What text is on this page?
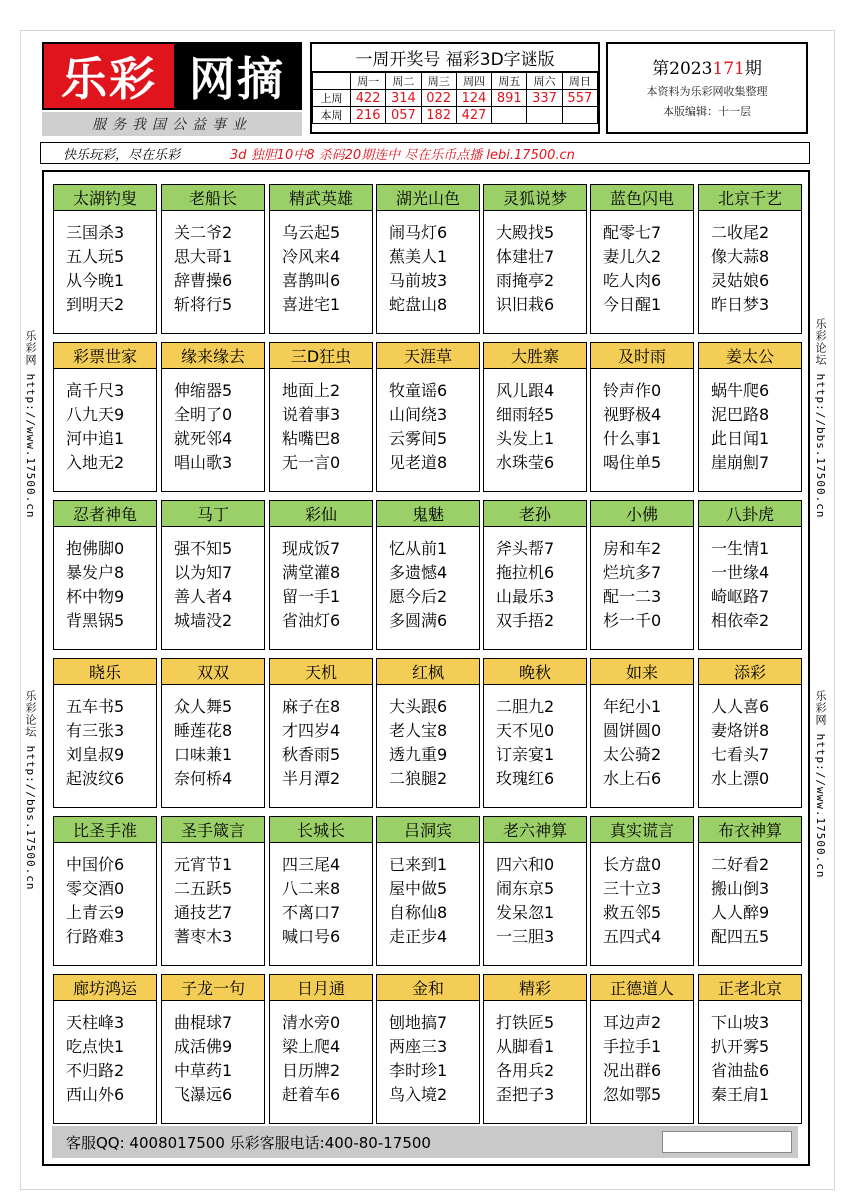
乐彩 网摘
服务我国公益事业
一周开奖号 福彩3D字谜版
	周一	周二	周三	周四	周五	周六	周日
上周	422	314	022	124	891	337	557
本周	216	057	182	427			
第2023171期
本资料为乐彩网收集整理
本版编辑：十一层
快乐玩彩，尽在乐彩	3d 独胆10中8 杀码20期连中 尽在乐币点播 lebi.17500.cn
乐彩网 http://www.17500.cn
乐彩论坛 http://bbs.17500.cn
乐彩论坛 http://bbs.17500.cn
乐彩网 http://www.17500.cn
太湖钓叟
三国杀3
五人玩5
从今晚1
到明天2
老船长
关二爷2
思大哥1
辞曹操6
斩将行5
精武英雄
乌云起5
冷风来4
喜鹊叫6
喜进宅1
湖光山色
闹马灯6
蕉美人1
马前坡3
蛇盘山8
灵狐说梦
大殿找5
体建壮7
雨掩亭2
识旧栽6
蓝色闪电
配零七7
妻儿久2
吃人肉6
今日醒1
北京千艺
二收尾2
像大蒜8
灵姑娘6
昨日梦3
彩票世家
高千尺3
八九天9
河中追1
入地无2
缘来缘去
伸缩器5
全明了0
就死邻4
唱山歌3
三D狂虫
地面上2
说着事3
粘嘴巴8
无一言0
天涯草
牧童谣6
山间绕3
云雾间5
见老道8
大胜寨
风儿跟4
细雨轻5
头发上1
水珠莹6
及时雨
铃声作0
视野极4
什么事1
喝住单5
姜太公
蜗牛爬6
泥巴路8
此日闻1
崖崩劁7
忍者神龟
抱佛脚0
暴发户8
杯中物9
背黑锅5
马丁
强不知5
以为知7
善人者4
城墙没2
彩仙
现成饭7
满堂灌8
留一手1
省油灯6
鬼魅
忆从前1
多遗憾4
愿今后2
多圆满6
老孙
斧头帮7
拖拉机6
山最乐3
双手捂2
小佛
房和车2
烂坑多7
配一二3
杉一千0
八卦虎
一生情1
一世缘4
崎岖路7
相依牵2
晓乐
五车书5
有三张3
刘皇叔9
起波纹6
双双
众人舞5
睡莲花8
口味兼1
奈何桥4
天机
麻子在8
才四岁4
秋香雨5
半月潭2
红枫
大头跟6
老人宝8
透九重9
二狼腿2
晚秋
二胆九2
天不见0
订亲宴1
玫瑰红6
如来
年纪小1
圆饼圆0
太公骑2
水上石6
添彩
人人喜6
妻烙饼8
七看头7
水上漂0
比圣手准
中国价6
零交酒0
上青云9
行路难3
圣手箴言
元宵节1
二五跃5
通技艺7
蓍枣木3
长城长
四三尾4
八二来8
不离口7
喊口号6
吕洞宾
已来到1
屋中做5
自称仙8
走正步4
老六神算
四六和0
闹东京5
发呆忽1
一三胆3
真实谎言
长方盘0
三十立3
救五邻5
五四式4
布衣神算
二好看2
搬山倒3
人人醉9
配四五5
廊坊鸿运
天柱峰3
吃点快1
不归路2
西山外6
子龙一句
曲棍球7
成活佛9
中草药1
飞瀑远6
日月通
清水旁0
梁上爬4
日历牌2
赶着车6
金和
刨地搞7
两座三3
李时珍1
鸟入境2
精彩
打铁匠5
从脚看1
各用兵2
歪把子3
正德道人
耳边声2
手拉手1
况出群6
忽如鄂5
正老北京
下山坡3
扒开雾5
省油盐6
秦王肩1
客服QQ: 4008017500 乐彩客服电话:400-80-17500
